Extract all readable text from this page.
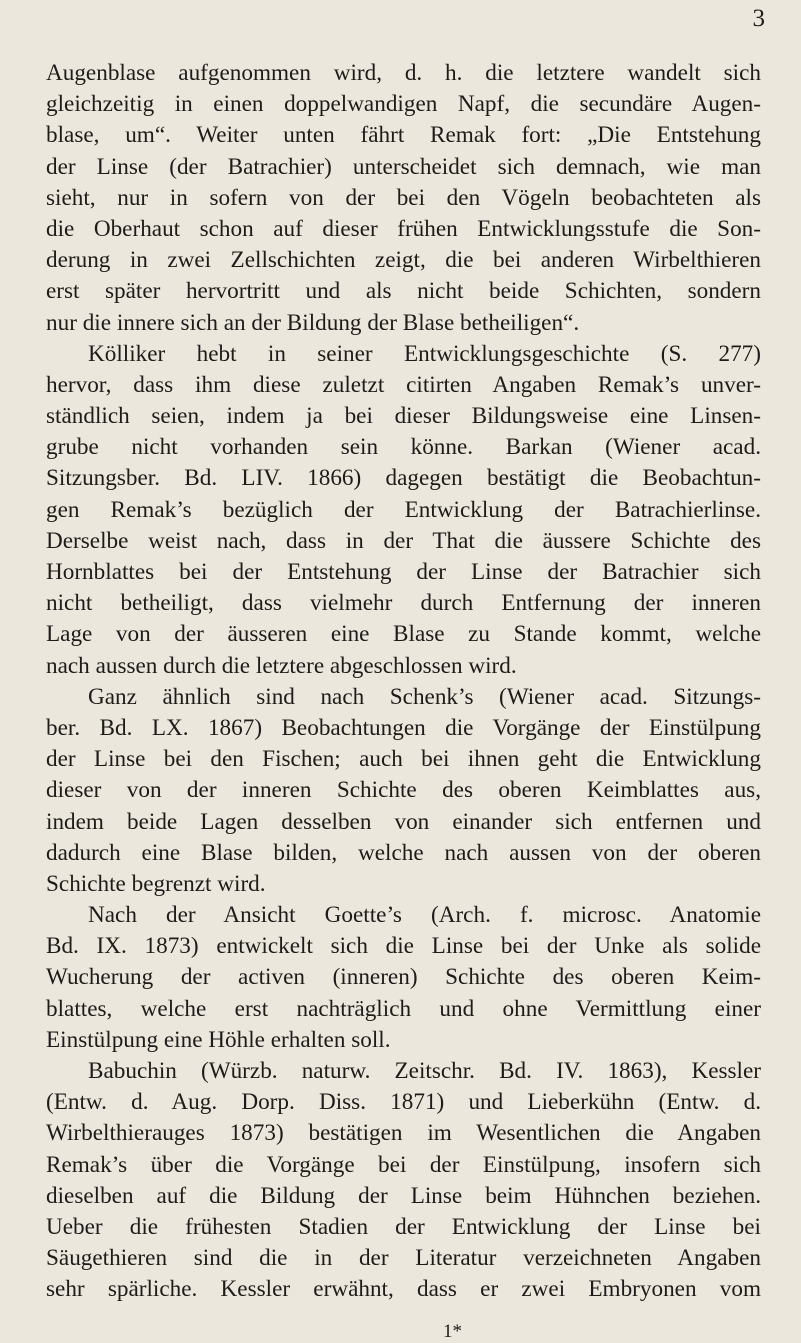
3
Augenblase aufgenommen wird, d. h. die letztere wandelt sich
gleichzeitig in einen doppelwandigen Napf, die secundäre Augen-
blase, um“. Weiter unten fährt Remak fort: „Die Entstehung
der Linse (der Batrachier) unterscheidet sich demnach, wie man
sieht, nur in sofern von der bei den Vögeln beobachteten als
die Oberhaut schon auf dieser frühen Entwicklungsstufe die Son-
derung in zwei Zellschichten zeigt, die bei anderen Wirbelthieren
erst später hervortritt und als nicht beide Schichten, sondern
nur die innere sich an der Bildung der Blase betheiligen“.
Kölliker hebt in seiner Entwicklungsgeschichte (S. 277)
hervor, dass ihm diese zuletzt citirten Angaben Remak’s unver-
ständlich seien, indem ja bei dieser Bildungsweise eine Linsen-
grube nicht vorhanden sein könne. Barkan (Wiener acad.
Sitzungsber. Bd. LIV. 1866) dagegen bestätigt die Beobachtun-
gen Remak’s bezüglich der Entwicklung der Batrachierlinse.
Derselbe weist nach, dass in der That die äussere Schichte des
Hornblattes bei der Entstehung der Linse der Batrachier sich
nicht betheiligt, dass vielmehr durch Entfernung der inneren
Lage von der äusseren eine Blase zu Stande kommt, welche
nach aussen durch die letztere abgeschlossen wird.
Ganz ähnlich sind nach Schenk’s (Wiener acad. Sitzungs-
ber. Bd. LX. 1867) Beobachtungen die Vorgänge der Einstülpung
der Linse bei den Fischen; auch bei ihnen geht die Entwicklung
dieser von der inneren Schichte des oberen Keimblattes aus,
indem beide Lagen desselben von einander sich entfernen und
dadurch eine Blase bilden, welche nach aussen von der oberen
Schichte begrenzt wird.
Nach der Ansicht Goette’s (Arch. f. microsc. Anatomie
Bd. IX. 1873) entwickelt sich die Linse bei der Unke als solide
Wucherung der activen (inneren) Schichte des oberen Keim-
blattes, welche erst nachträglich und ohne Vermittlung einer
Einstülpung eine Höhle erhalten soll.
Babuchin (Würzb. naturw. Zeitschr. Bd. IV. 1863), Kessler
(Entw. d. Aug. Dorp. Diss. 1871) und Lieberkühn (Entw. d.
Wirbelthierauges 1873) bestätigen im Wesentlichen die Angaben
Remak’s über die Vorgänge bei der Einstülpung, insofern sich
dieselben auf die Bildung der Linse beim Hühnchen beziehen.
Ueber die frühesten Stadien der Entwicklung der Linse bei
Säugethieren sind die in der Literatur verzeichneten Angaben
sehr spärliche. Kessler erwähnt, dass er zwei Embryonen vom
1*
